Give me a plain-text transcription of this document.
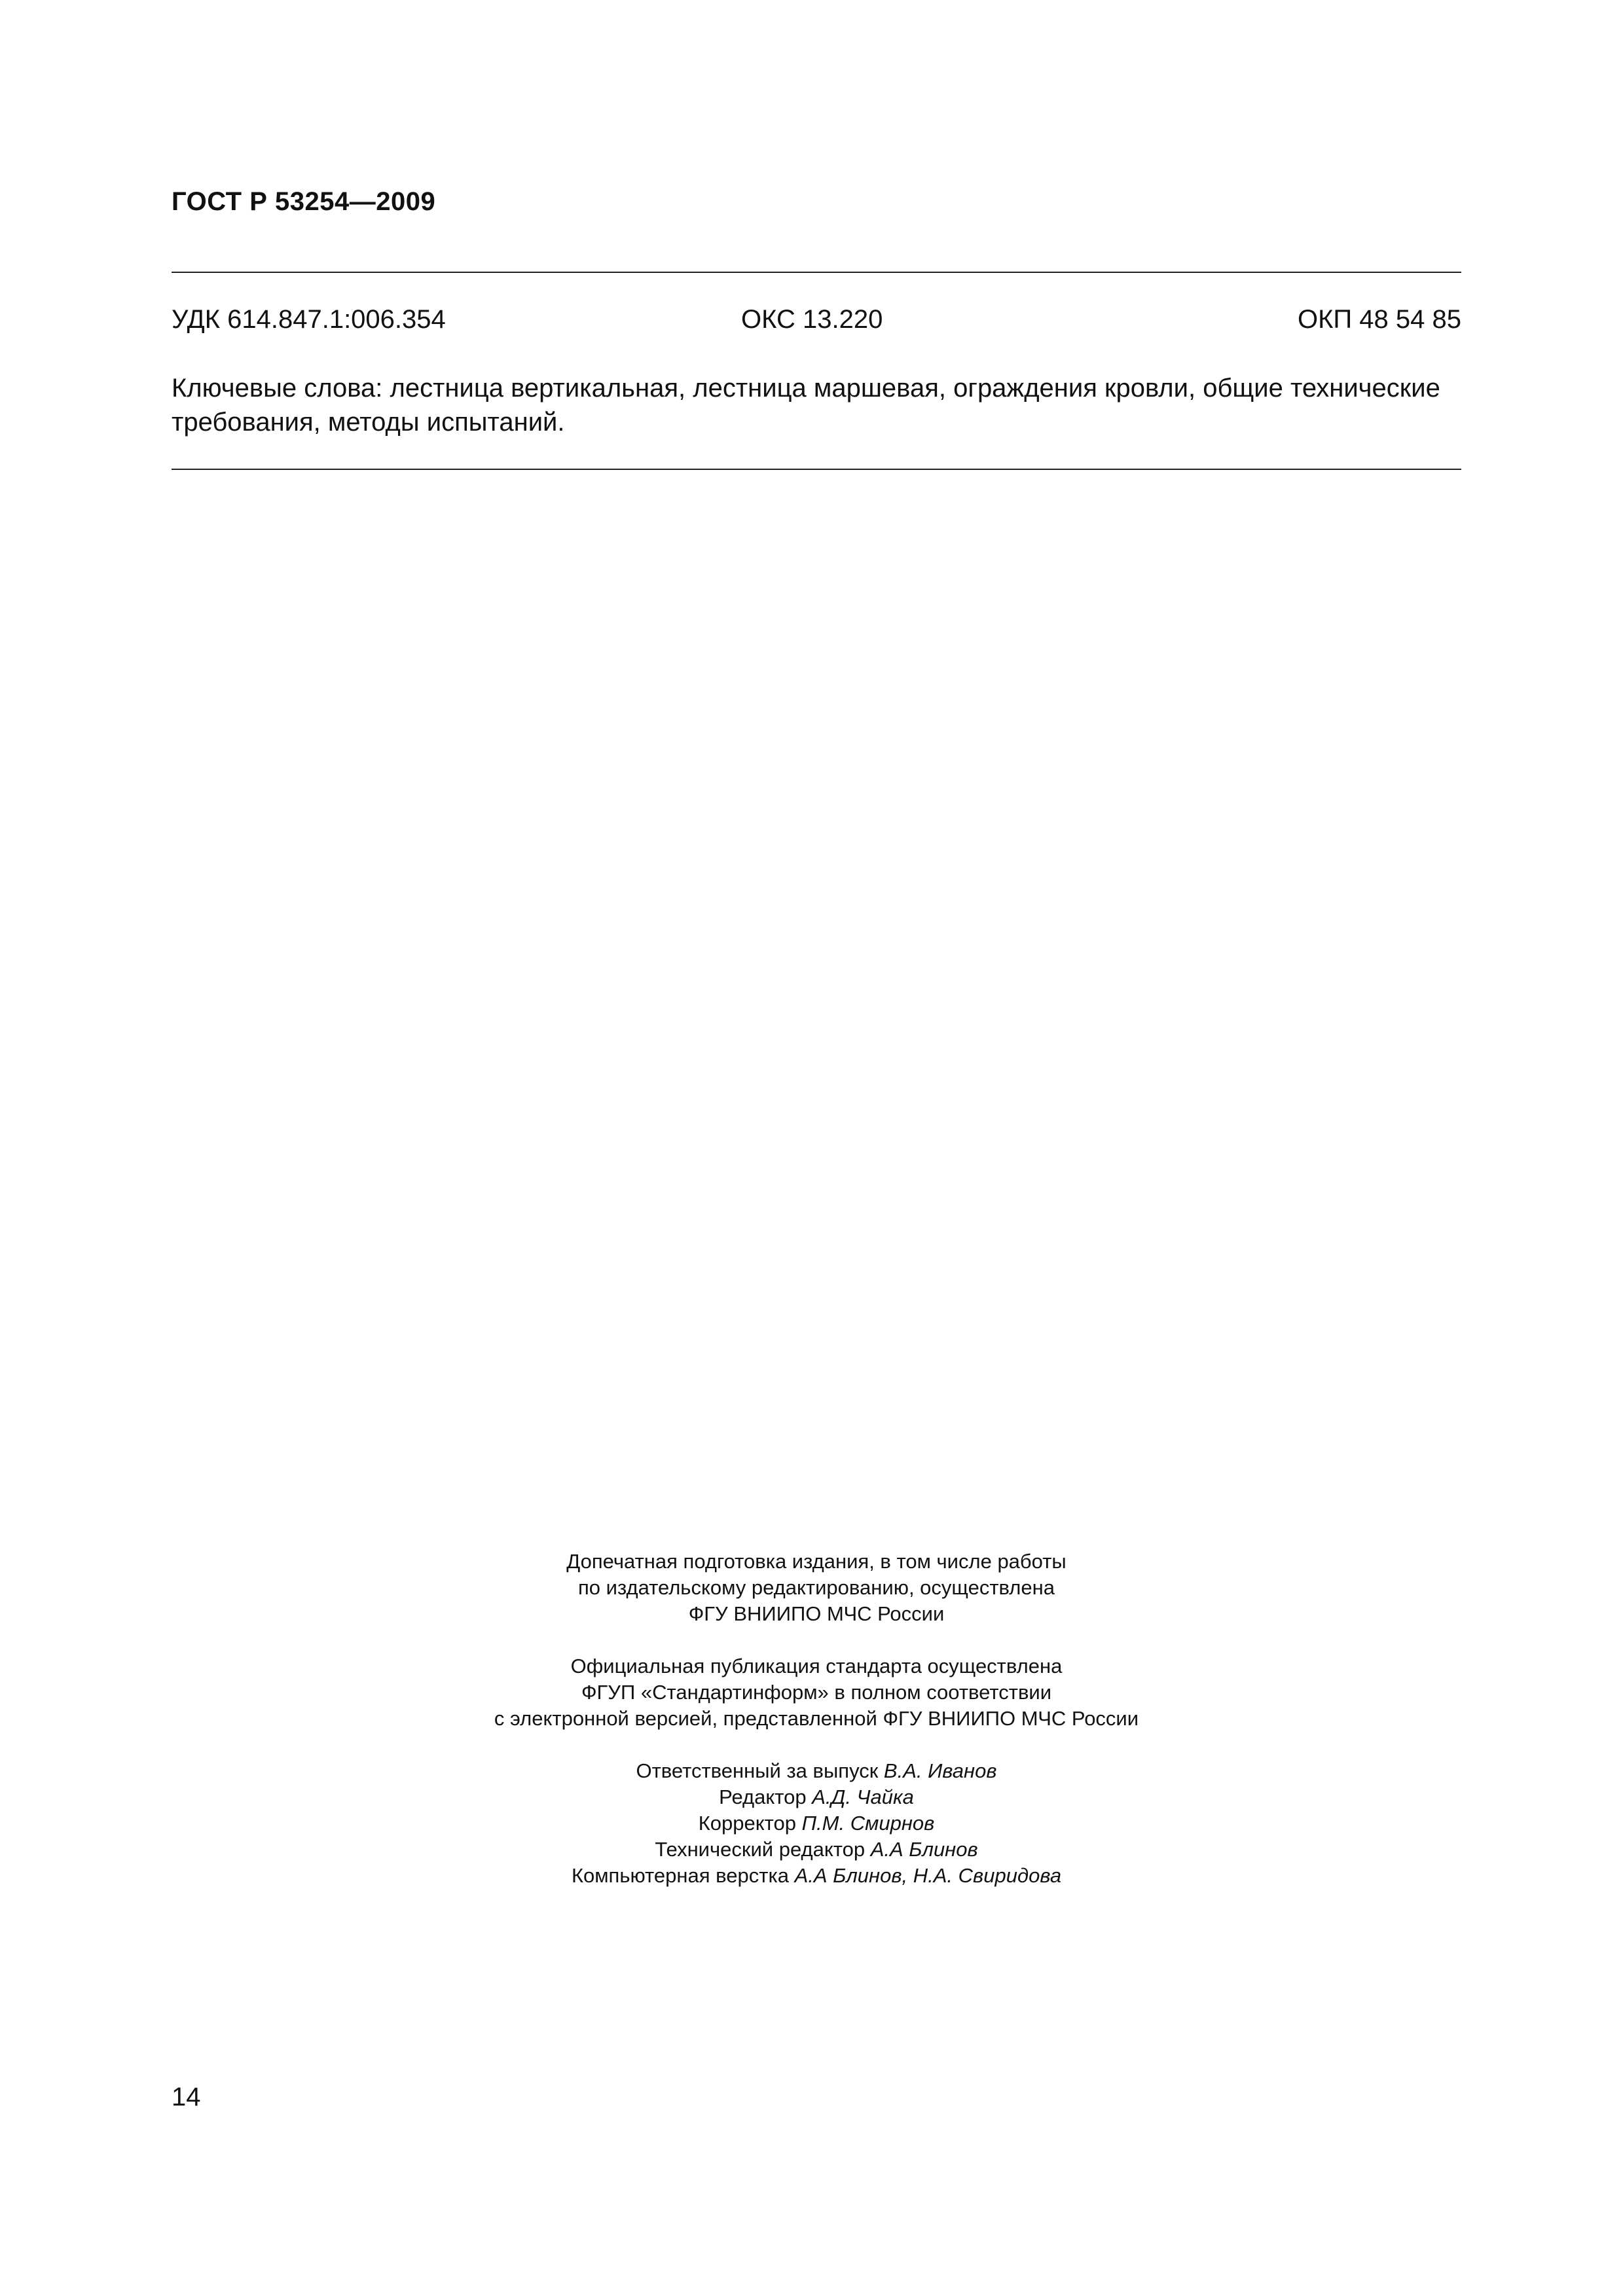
ГОСТ Р 53254—2009
УДК 614.847.1:006.354	ОКС 13.220	ОКП 48 54 85
Ключевые слова: лестница вертикальная, лестница маршевая, ограждения кровли, общие технические требования, методы испытаний.
Допечатная подготовка издания, в том числе работы
по издательскому редактированию, осуществлена
ФГУ ВНИИПО МЧС России
Официальная публикация стандарта осуществлена
ФГУП «Стандартинформ» в полном соответствии
с электронной версией, представленной ФГУ ВНИИПО МЧС России
Ответственный за выпуск В.А. Иванов
Редактор А.Д. Чайка
Корректор П.М. Смирнов
Технический редактор А.А Блинов
Компьютерная верстка А.А Блинов, Н.А. Свиридова
14
